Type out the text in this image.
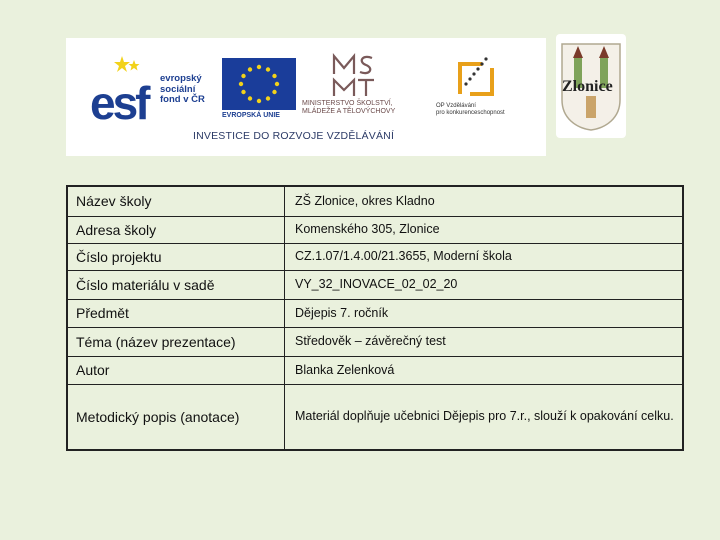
esf evropský
sociální
fond v ČR
EVROPSKÁ UNIE
MINISTERSTVO ŠKOLSTVÍ,
MLÁDEŽE A TĚLOVÝCHOVY
OP Vzdělávání
pro konkurenceschopnost
INVESTICE DO ROZVOJE VZDĚLÁVÁNÍ
Zlonice
Název školy	ZŠ Zlonice, okres Kladno
Adresa školy	Komenského 305, Zlonice
Číslo projektu	CZ.1.07/1.4.00/21.3655, Moderní škola
Číslo materiálu v sadě	VY_32_INOVACE_02_02_20
Předmět	Dějepis 7. ročník
Téma (název prezentace)	Středověk – závěrečný test
Autor	Blanka Zelenková
Metodický popis (anotace)	Materiál doplňuje učebnici Dějepis pro 7.r., slouží k opakování celku.
